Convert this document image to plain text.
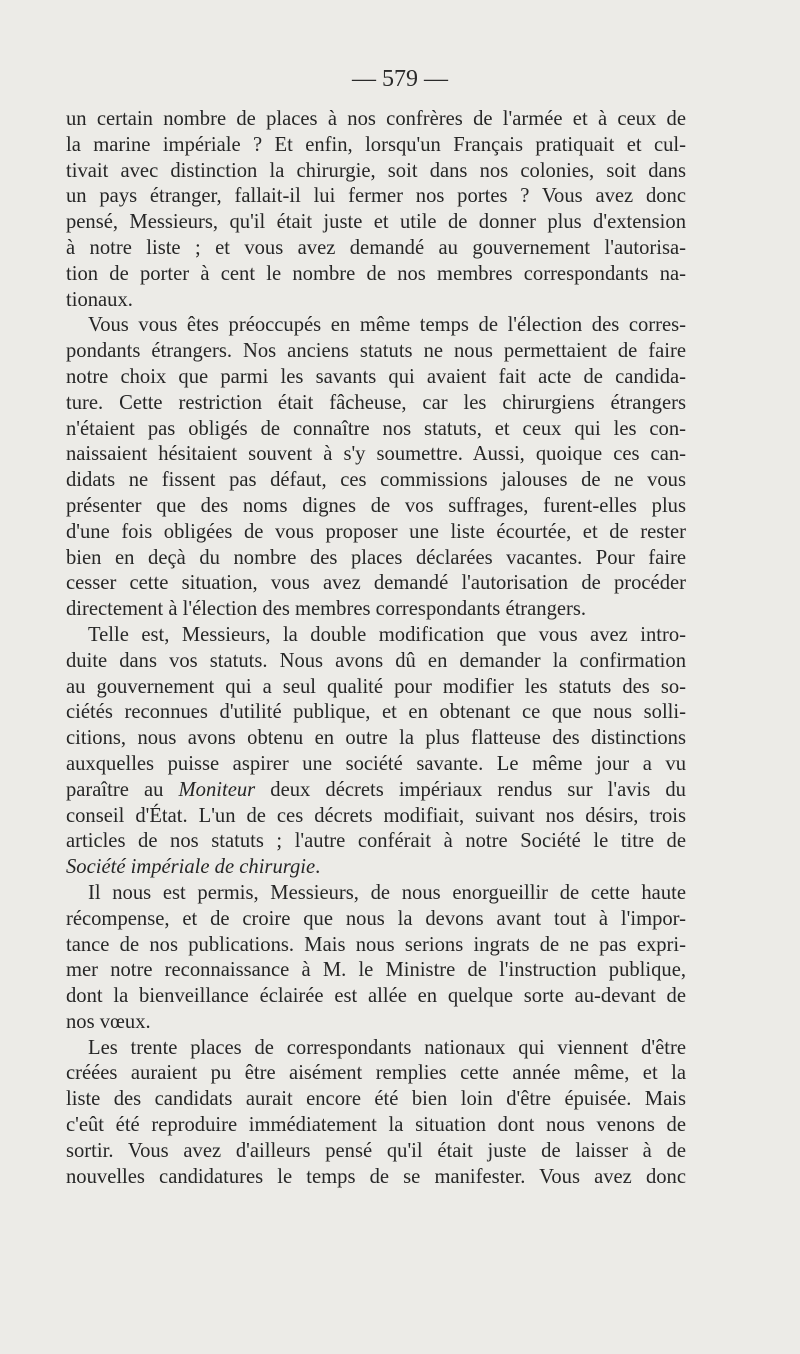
— 579 —
un certain nombre de places à nos confrères de l'armée et à ceux de
la marine impériale ? Et enfin, lorsqu'un Français pratiquait et cul-
tivait avec distinction la chirurgie, soit dans nos colonies, soit dans
un pays étranger, fallait-il lui fermer nos portes ? Vous avez donc
pensé, Messieurs, qu'il était juste et utile de donner plus d'extension
à notre liste ; et vous avez demandé au gouvernement l'autorisa-
tion de porter à cent le nombre de nos membres correspondants na-
tionaux.
Vous vous êtes préoccupés en même temps de l'élection des corres-
pondants étrangers. Nos anciens statuts ne nous permettaient de faire
notre choix que parmi les savants qui avaient fait acte de candida-
ture. Cette restriction était fâcheuse, car les chirurgiens étrangers
n'étaient pas obligés de connaître nos statuts, et ceux qui les con-
naissaient hésitaient souvent à s'y soumettre. Aussi, quoique ces can-
didats ne fissent pas défaut, ces commissions jalouses de ne vous
présenter que des noms dignes de vos suffrages, furent-elles plus
d'une fois obligées de vous proposer une liste écourtée, et de rester
bien en deçà du nombre des places déclarées vacantes. Pour faire
cesser cette situation, vous avez demandé l'autorisation de procéder
directement à l'élection des membres correspondants étrangers.
Telle est, Messieurs, la double modification que vous avez intro-
duite dans vos statuts. Nous avons dû en demander la confirmation
au gouvernement qui a seul qualité pour modifier les statuts des so-
ciétés reconnues d'utilité publique, et en obtenant ce que nous solli-
citions, nous avons obtenu en outre la plus flatteuse des distinctions
auxquelles puisse aspirer une société savante. Le même jour a vu
paraître au Moniteur deux décrets impériaux rendus sur l'avis du
conseil d'État. L'un de ces décrets modifiait, suivant nos désirs, trois
articles de nos statuts ; l'autre conférait à notre Société le titre de
Société impériale de chirurgie.
Il nous est permis, Messieurs, de nous enorgueillir de cette haute
récompense, et de croire que nous la devons avant tout à l'impor-
tance de nos publications. Mais nous serions ingrats de ne pas expri-
mer notre reconnaissance à M. le Ministre de l'instruction publique,
dont la bienveillance éclairée est allée en quelque sorte au-devant de
nos vœux.
Les trente places de correspondants nationaux qui viennent d'être
créées auraient pu être aisément remplies cette année même, et la
liste des candidats aurait encore été bien loin d'être épuisée. Mais
c'eût été reproduire immédiatement la situation dont nous venons de
sortir. Vous avez d'ailleurs pensé qu'il était juste de laisser à de
nouvelles candidatures le temps de se manifester. Vous avez donc
